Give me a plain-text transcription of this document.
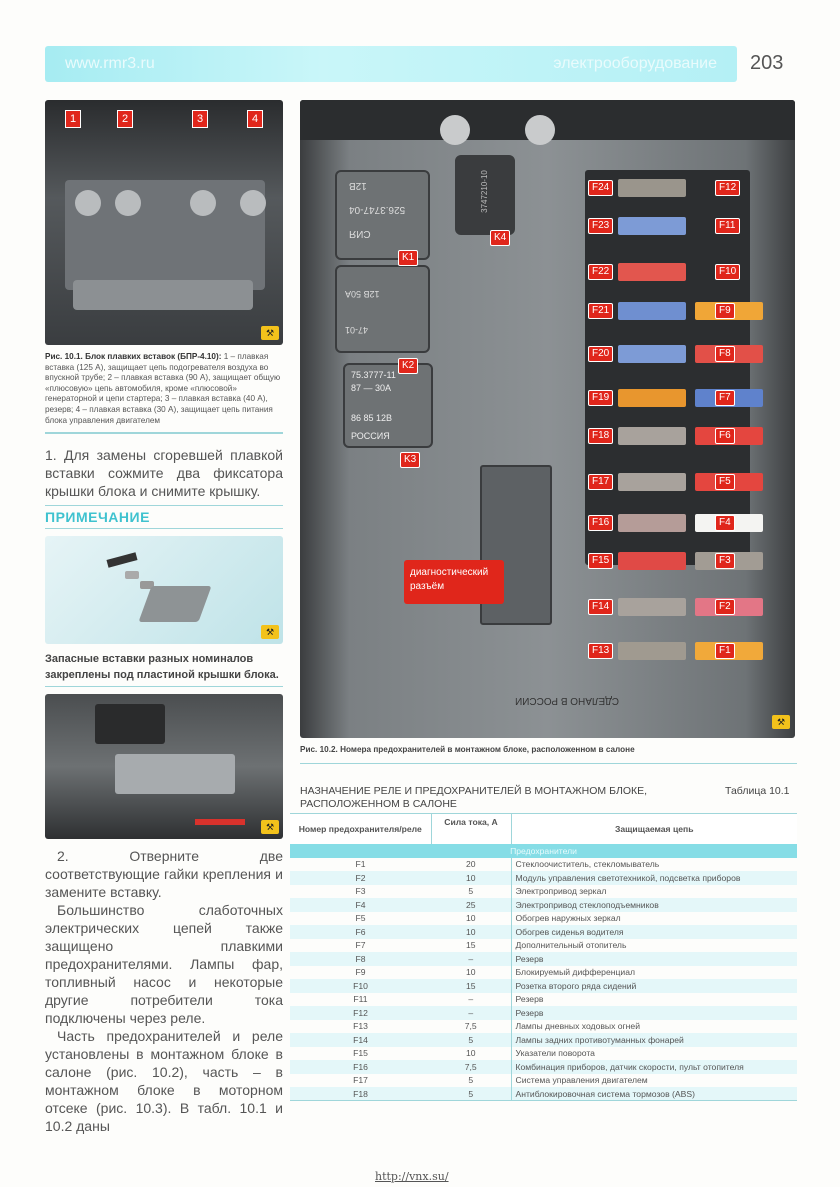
www.rmr3.ru	электрооборудование 203
1	2	3	4
⚒
Рис. 10.1. Блок плавких вставок (БПР-4.10): 1 – плавкая вставка (125 А), защищает цепь подогревателя воздуха во впускной трубе; 2 – плавкая вставка (90 А), защищает общую «плюсовую» цепь автомобиля, кроме «плюсовой» генераторной и цепи стартера; 3 – плавкая вставка (40 А), резерв; 4 – плавкая вставка (30 А), защищает цепь питания блока управления двигателем
1. Для замены сгоревшей плавкой вставки сожмите два фиксатора крышки блока и снимите крышку.
ПРИМЕЧАНИЕ
⚒
Запасные вставки разных номиналов закреплены под пластиной крышки блока.
⚒
2. Отверните две соответствующие гайки крепления и замените вставку.
Большинство слаботочных электрических цепей также защищено плавкими предохранителями. Лампы фар, топливный насос и некоторые другие потребители тока подключены через реле.
Часть предохранителей и реле установлены в монтажном блоке в салоне (рис. 10.2), часть – в монтажном блоке в моторном отсеке (рис. 10.3). В табл. 10.1 и 10.2 даны
12В
526.3747-04
СИЯ
3747210-10
12В 50А
47-01
75.3777-11
87 — 30А
86 85 12В
РОССИЯ
K1
K2
K3
K4
диагностический разъём
СДЕЛАНО В РОССИИ
F24	F12
F23	F11
F22	F10
F21	F9
F20	F8
F19	F7
F18	F6
F17	F5
F16	F4
F15	F3
F14	F2
F13	F1
⚒
Рис. 10.2. Номера предохранителей в монтажном блоке, расположенном в салоне
НАЗНАЧЕНИЕ РЕЛЕ И ПРЕДОХРАНИТЕЛЕЙ В МОНТАЖНОМ БЛОКЕ, РАСПОЛОЖЕННОМ В САЛОНЕ
Таблица 10.1
Номер предохранителя/реле	Сила тока, А	Защищаемая цепь
Предохранители		
F1	20	Стеклоочиститель, стекломыватель
F2	10	Модуль управления светотехникой, подсветка приборов
F3	5	Электропривод зеркал
F4	25	Электропривод стеклоподъемников
F5	10	Обогрев наружных зеркал
F6	10	Обогрев сиденья водителя
F7	15	Дополнительный отопитель
F8	–	Резерв
F9	10	Блокируемый дифференциал
F10	15	Розетка второго ряда сидений
F11	–	Резерв
F12	–	Резерв
F13	7,5	Лампы дневных ходовых огней
F14	5	Лампы задних противотуманных фонарей
F15	10	Указатели поворота
F16	7,5	Комбинация приборов, датчик скорости, пульт отопителя
F17	5	Система управления двигателем
F18	5	Антиблокировочная система тормозов (ABS)
http://vnx.su/
